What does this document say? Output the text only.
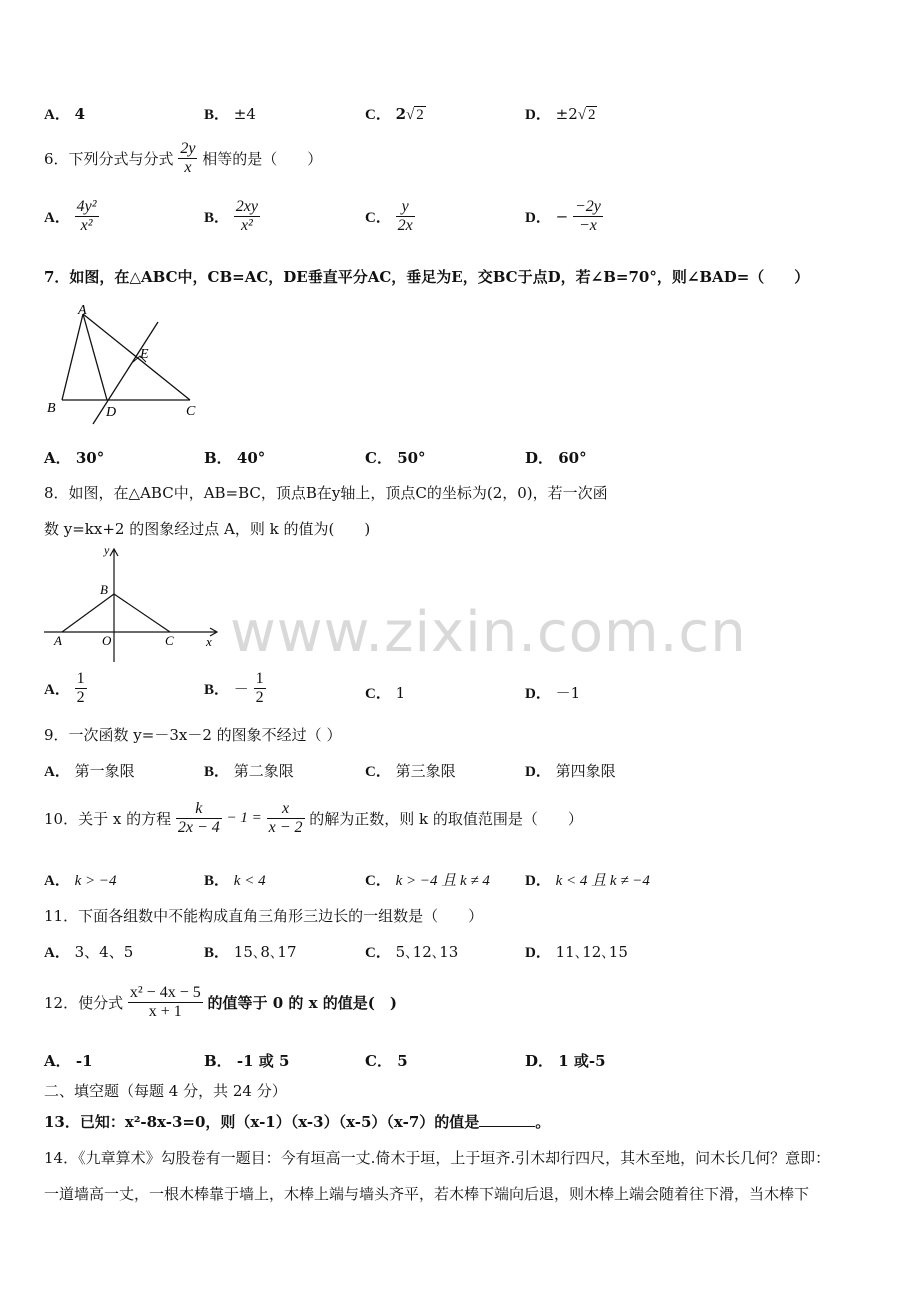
www.zixin.com.cn
A． 4	B． ±4	C． 2√ 2	D． ±2√ 2
6．下列分式与分式 $\frac{2y}{x}$ 相等的是（　　）
A． $\frac{\text{4y²}}{\text{x²}}$	B． $\frac{2xy}{\text{x²}}$	C． $\frac{y}{2x}$	D． − $\frac{-2y}{-x}$
7．如图，在△ABC中，CB=AC，DE垂直平分AC，垂足为E，交BC于点D，若∠B=70°，则∠BAD=（　　）
A
B	C
D
E
A． 30°	B． 40°	C． 50°	D． 60°
8．如图，在△ABC中，AB=BC，顶点B在y轴上，顶点C的坐标为(2，0)，若一次函
数 y=kx+2 的图象经过点 A，则 k 的值为(　　)
y
B
A	O	C x
A． $\frac{1}{2}$	B． － $\frac{1}{2}$	C． 1	D． －1
9．一次函数 y=－3x－2 的图象不经过（ ）
A． 第一象限	B． 第二象限	C． 第三象限	D． 第四象限
10．关于 x 的方程 $\frac{k}{2x - 4} - 1 = \frac{x}{x - 2}$ 的解为正数，则 k 的取值范围是（　　）
A． k > −4	B． k < 4	C． k > −4 且 k ≠ 4 D． k < 4 且 k ≠ −4
11．下面各组数中不能构成直角三角形三边长的一组数是（　　）
A． 3、4、5	B． 15､8､17	C． 5､12､13	D． 11､12､15
12．使分式 $\frac{\text{x² − 4x − 5}}{x + 1}$ 的值等于 0 的 x 的值是(　)
A． -1	B． -1 或 5	C． 5	D． 1 或-5
二、填空题（每题 4 分，共 24 分）
13．已知：x²-8x-3=0，则（x-1）（x-3）（x-5）（x-7）的值是	。
14．《九章算术》勾股卷有一题目：今有垣高一丈.倚木于垣，上于垣齐.引木却行四尺，其木至地，问木长几何？意即：
一道墙高一丈，一根木棒靠于墙上，木棒上端与墙头齐平，若木棒下端向后退，则木棒上端会随着往下滑，当木棒下
